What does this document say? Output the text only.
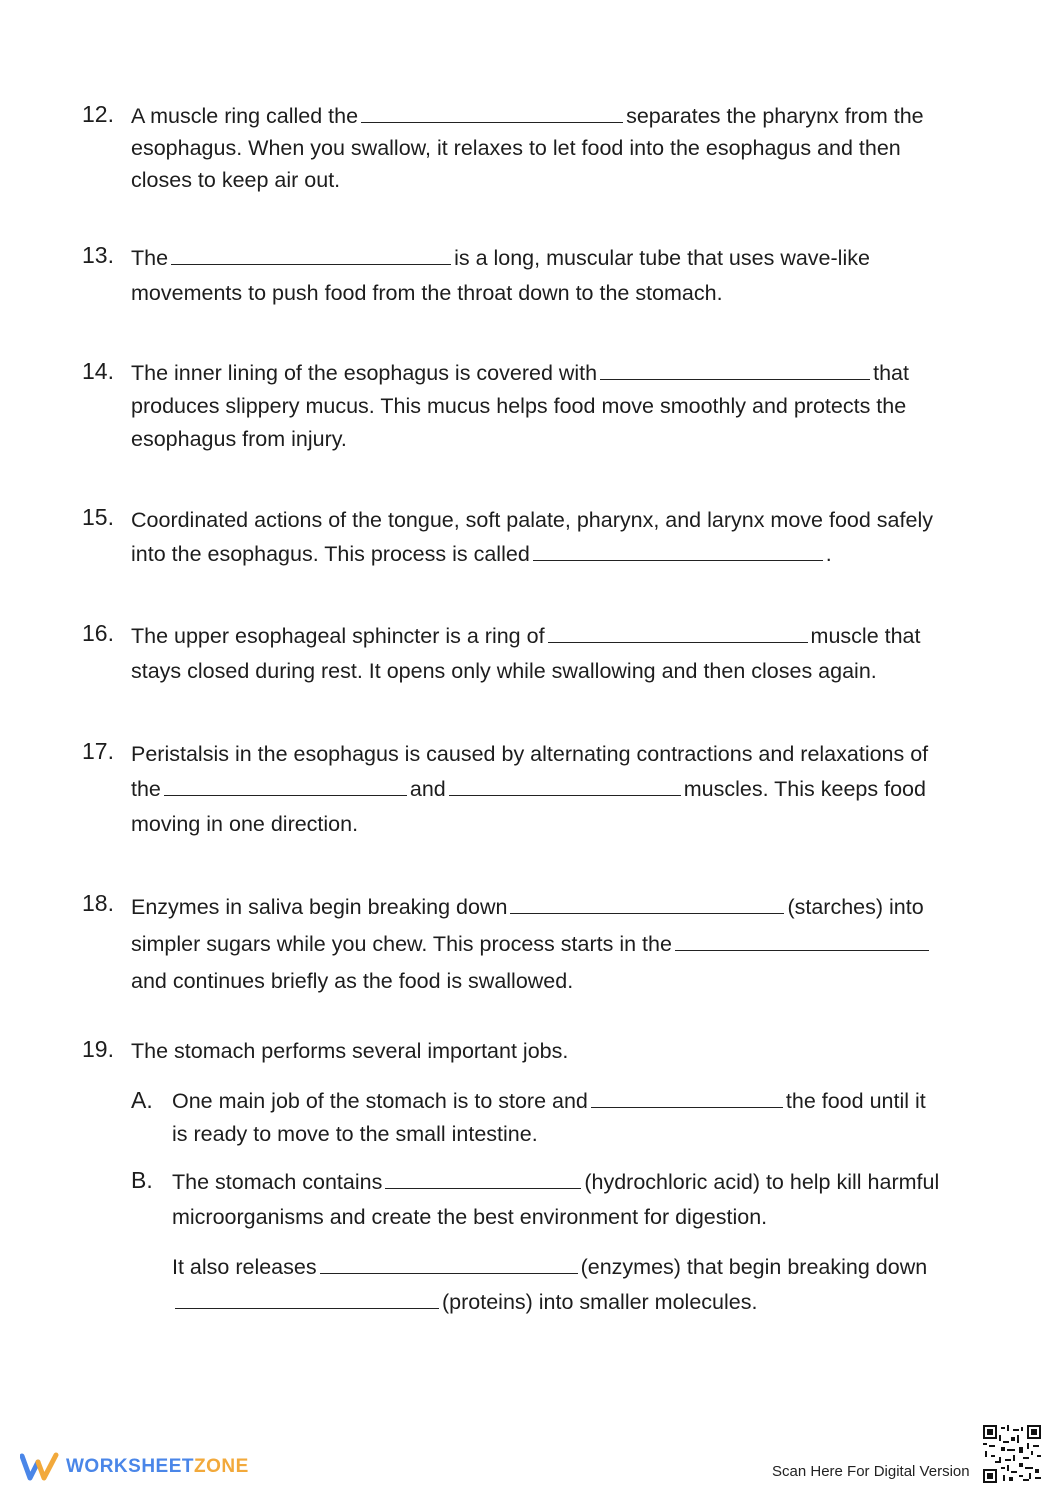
12. A muscle ring called the	separates the pharynx from the
esophagus. When you swallow, it relaxes to let food into the esophagus and then
closes to keep air out.
13. The	is a long, muscular tube that uses wave-like
movements to push food from the throat down to the stomach.
14. The inner lining of the esophagus is covered with	that
produces slippery mucus. This mucus helps food move smoothly and protects the
esophagus from injury.
15. Coordinated actions of the tongue, soft palate, pharynx, and larynx move food safely
into the esophagus. This process is called	.
16. The upper esophageal sphincter is a ring of	muscle that
stays closed during rest. It opens only while swallowing and then closes again.
17. Peristalsis in the esophagus is caused by alternating contractions and relaxations of
the	and	muscles. This keeps food
moving in one direction.
18. Enzymes in saliva begin breaking down	(starches) into
simpler sugars while you chew. This process starts in the
and continues briefly as the food is swallowed.
19. The stomach performs several important jobs.
A. One main job of the stomach is to store and	the food until it
is ready to move to the small intestine.
B. The stomach contains	(hydrochloric acid) to help kill harmful
microorganisms and create the best environment for digestion.
It also releases	(enzymes) that begin breaking down
(proteins) into smaller molecules.
WORKSHEETZONE	Scan Here For Digital Version
